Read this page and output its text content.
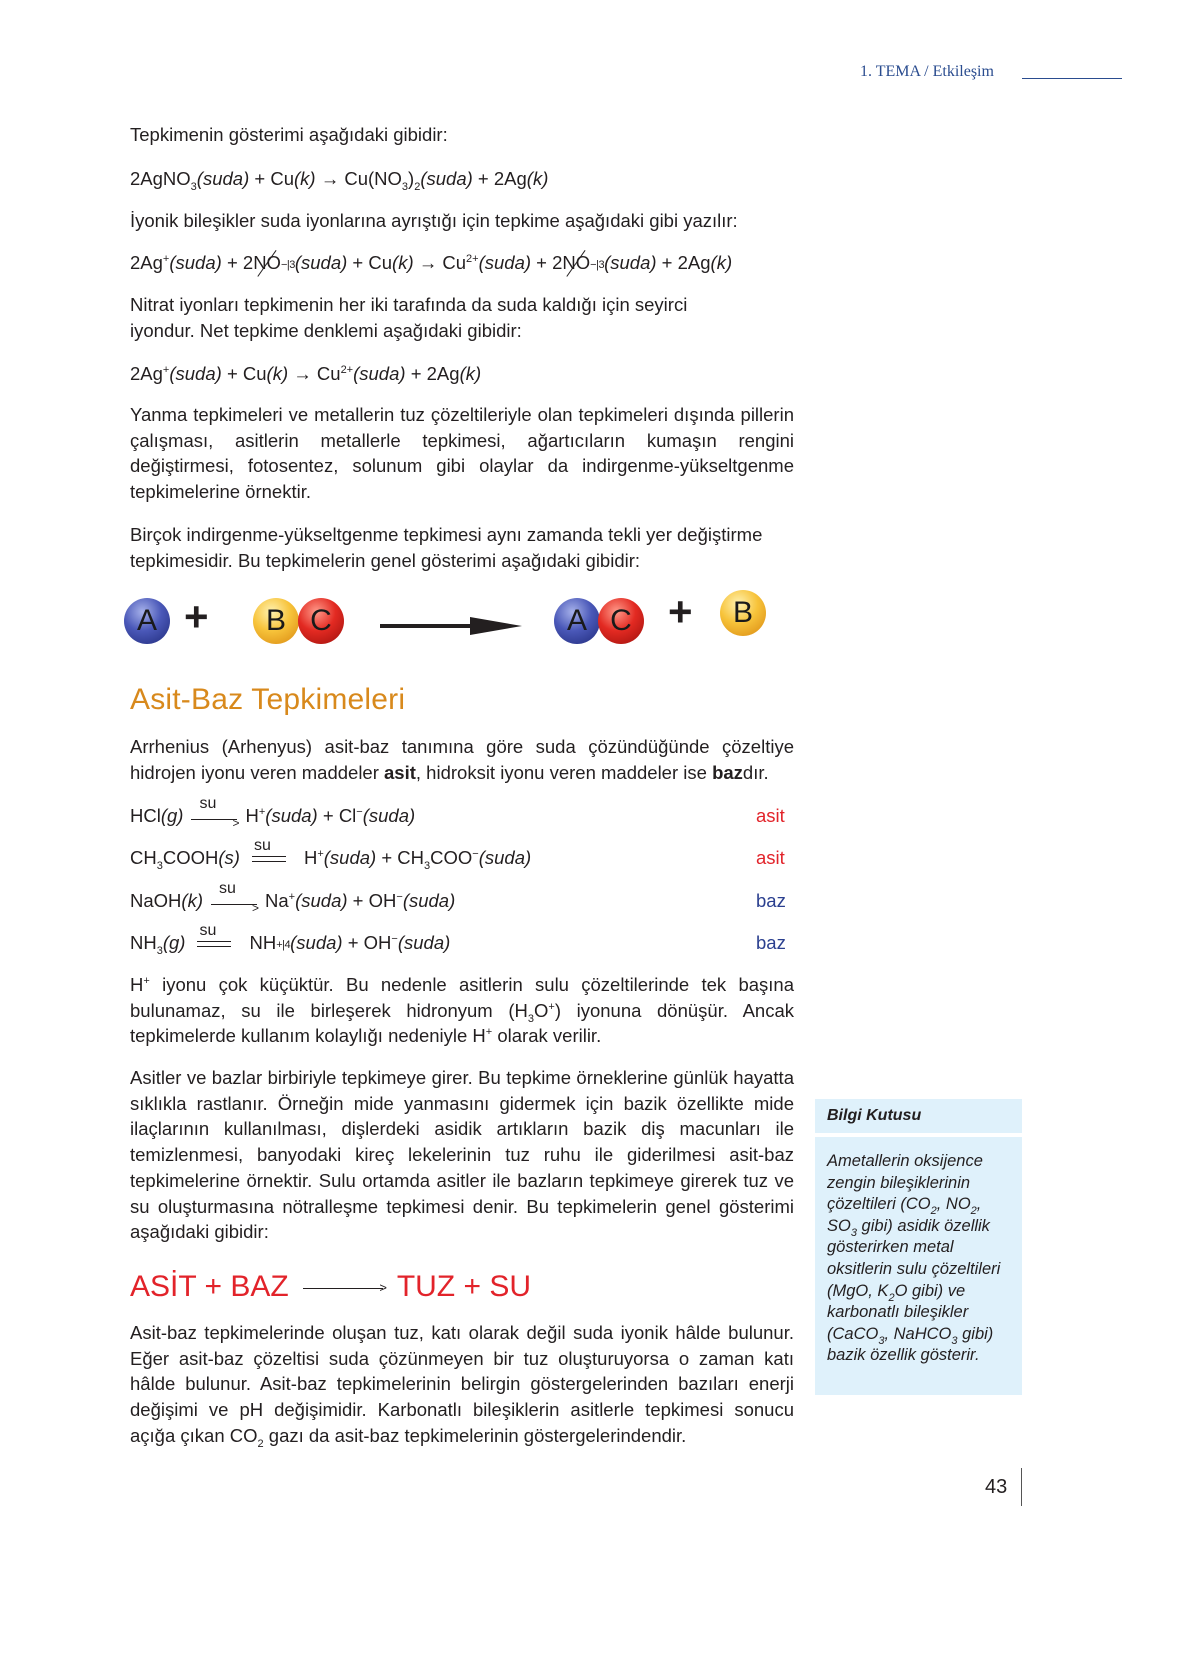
1. TEMA / Etkileşim
Tepkimenin gösterimi aşağıdaki gibidir:
2AgNO$_3$(suda) + $Cu(k) \to Cu(NO_3)_2(suda) + 2Ag(k)$
İyonik bileşikler suda iyonlarına ayrıştığı için tepkime aşağıdaki gibi yazılır:
2Ag+(suda) + 2NO−|3(suda) + $Cu(k) \to Cu^{2+}(suda)$ + 2NO−|3(suda) + 2Ag(k)
Nitrat iyonları tepkimenin her iki tarafında da suda kaldığı için seyirci
iyondur. Net tepkime denklemi aşağıdaki gibidir:
2Ag+(suda) + $Cu(k) \to Cu^{2+}(suda) + 2Ag(k)$
Yanma tepkimeleri ve metallerin tuz çözeltileriyle olan tepkimeleri dışında pillerin çalışması, asitlerin metallerle tepkimesi, ağartıcıların kumaşın rengini değiştirmesi, fotosentez, solunum gibi olaylar da indirgenme-yükseltgenme tepkimelerine örnektir.
Birçok indirgenme-yükseltgenme tepkimesi aynı zamanda tekli yer değiştirme
tepkimesidir. Bu tepkimelerin genel gösterimi aşağıdaki gibidir:
A +	B C	A C +	B
Asit-Baz Tepkimeleri
Arrhenius (Arhenyus) asit-baz tanımına göre suda çözündüğünde çözeltiye hidrojen iyonu veren maddeler asit, hidroksit iyonu veren maddeler ise bazdır.
HCl(g)
su
> H+(suda) + Cl−(suda)	asit
$CH_3COOH(s)$
su
H+(suda) + $CH_3COO^-(suda)$	asit
NaOH(k)
su
> Na+(suda) + OH−(suda)	baz
$NH_3(g)$
su
NH+|4(suda) + OH−(suda)	baz
H+ iyonu çok küçüktür. Bu nedenle asitlerin sulu çözeltilerinde tek başına bulunamaz, su ile birleşerek hidronyum $(H_3O^+)$ iyonuna dönüşür. Ancak tepkimelerde kullanım kolaylığı nedeniyle H+ olarak verilir.
Asitler ve bazlar birbiriyle tepkimeye girer. Bu tepkime örneklerine günlük hayatta sıklıkla rastlanır. Örneğin mide yanmasını gidermek için bazik özellikte mide ilaçlarının kullanılması, dişlerdeki asidik artıkların bazik diş macunları ile temizlenmesi, banyodaki kireç lekelerinin tuz ruhu ile giderilmesi asit-baz tepkimelerine örnektir. Sulu ortamda asitler ile bazların tepkimeye girerek tuz ve su oluşturmasına nötralleşme tepkimesi denir. Bu tepkimelerin genel gösterimi aşağıdaki gibidir:
ASİT + BAZ	> TUZ + SU
Asit-baz tepkimelerinde oluşan tuz, katı olarak değil suda iyonik hâlde bulunur. Eğer asit-baz çözeltisi suda çözünmeyen bir tuz oluşturuyorsa o zaman katı hâlde bulunur. Asit-baz tepkimelerinin belirgin göstergelerinden bazıları enerji değişimi ve pH değişimidir. Karbonatlı bileşiklerin asitlerle tepkimesi sonucu açığa çıkan $CO_2$ gazı da asit-baz tepkimelerinin göstergelerindendir.
Bilgi Kutusu
Ametallerin oksijence zengin bileşiklerinin çözeltileri ($CO_2$, $NO_2$, $SO_3$ gibi) asidik özellik gösterirken metal oksitlerin sulu çözeltileri (MgO, $K_2O$ gibi) ve karbonatlı bileşikler (CaCO$_3$, NaHCO$_3$ gibi) bazik özellik gösterir.
43
